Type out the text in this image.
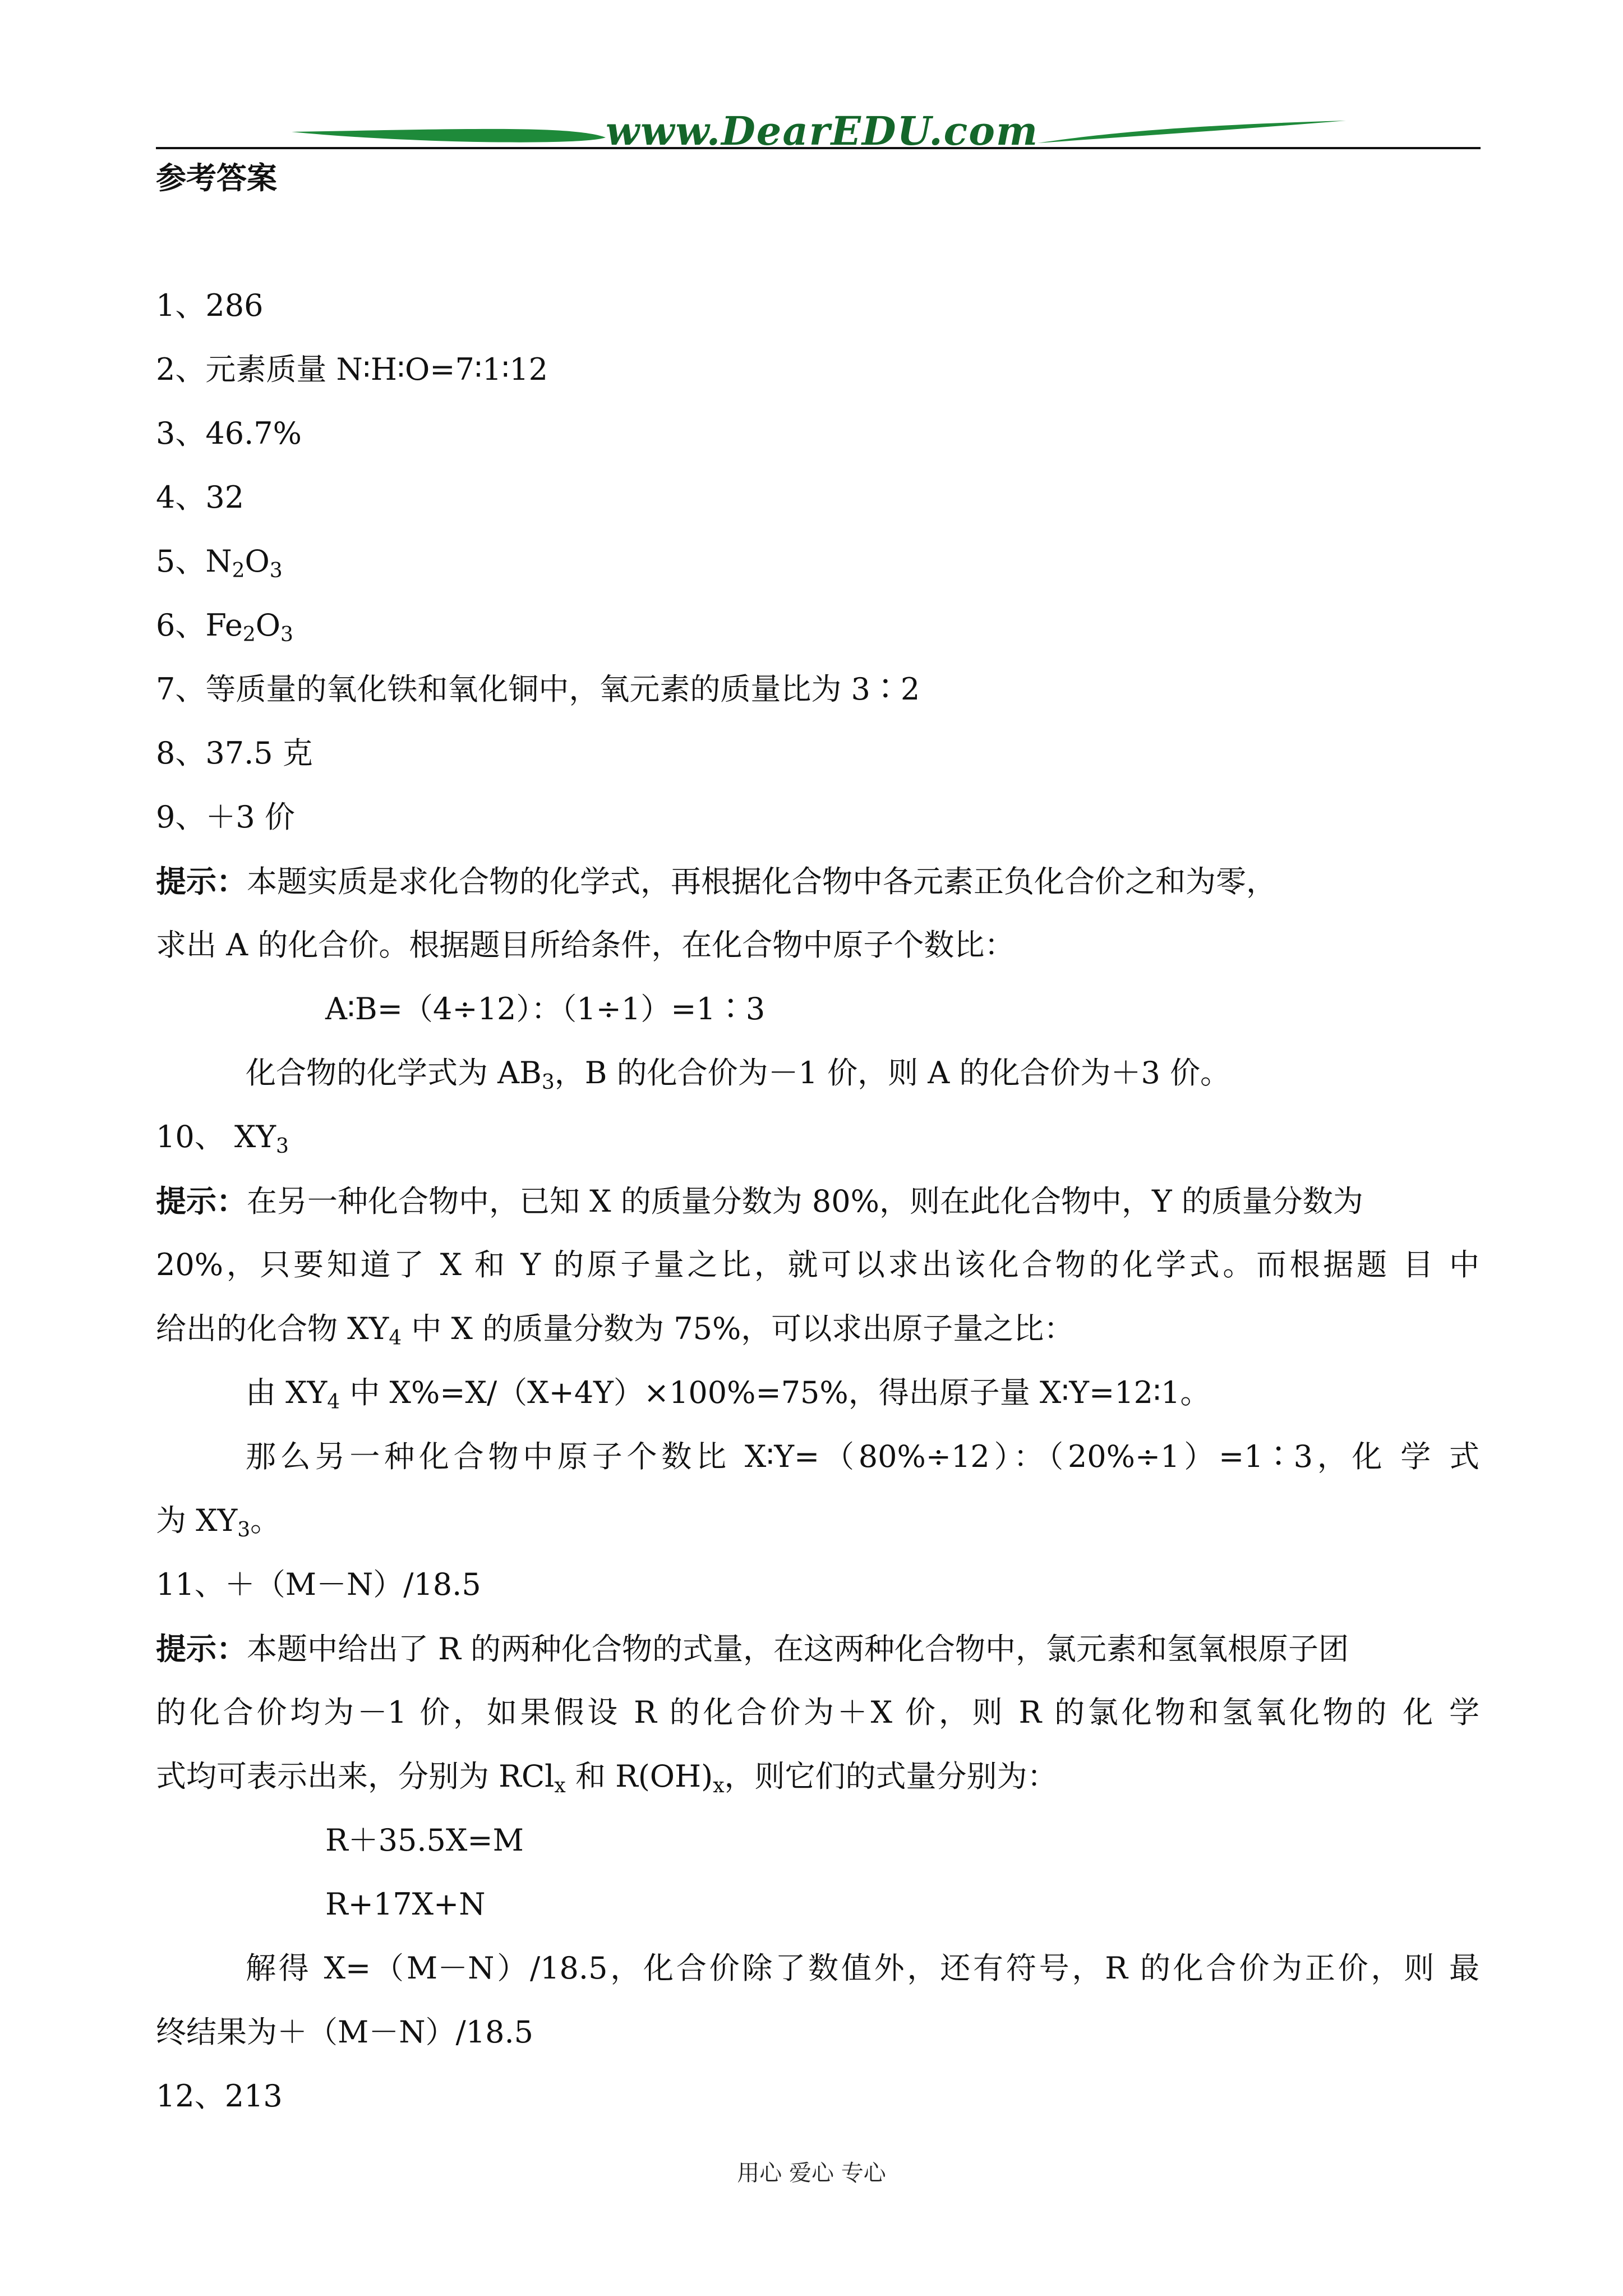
www.DearEDU.com
参考答案
1、286
2、元素质量 N∶H∶O=7∶1∶12
3、46.7%
4、32
5、$N_2O_3$
6、$Fe_2O_3$
7、等质量的氧化铁和氧化铜中，氧元素的质量比为 3∶2
8、37.5 克
9、＋3 价
提示：本题实质是求化合物的化学式，再根据化合物中各元素正负化合价之和为零，
求出 A 的化合价。根据题目所给条件，在化合物中原子个数比：
A∶B=（4÷12）：（1÷1）=1∶3
化合物的化学式为 $AB_3$，B 的化合价为－1 价，则 A 的化合价为＋3 价。
10、 $XY_3$
提示：在另一种化合物中，已知 X 的质量分数为 80%，则在此化合物中，Y 的质量分数为
20%，只要知道了 X 和 Y 的原子量之比，就可以求出该化合物的化学式。而根据题 目 中
给出的化合物 $XY_4$ 中 X 的质量分数为 75%，可以求出原子量之比：
由 $XY_4$ 中 X%=X/（X+4Y）×100%=75%，得出原子量 X∶Y=12∶1。
那么另一种化合物中原子个数比 X∶Y=（80%÷12）：（20%÷1）=1∶3，化 学 式
为 $XY_3$。
11、＋（M－N）/18.5
提示：本题中给出了 R 的两种化合物的式量，在这两种化合物中，氯元素和氢氧根原子团
的化合价均为－1 价，如果假设 R 的化合价为＋X 价，则 R 的氯化物和氢氧化物的 化 学
式均可表示出来，分别为 RCl$_x$ 和 $R(OH)_x$，则它们的式量分别为：
R＋35.5X=M
R+17X+N
解得 X=（M－N）/18.5，化合价除了数值外，还有符号，R 的化合价为正价，则 最
终结果为＋（M－N）/18.5
12、213
用心 爱心 专心
